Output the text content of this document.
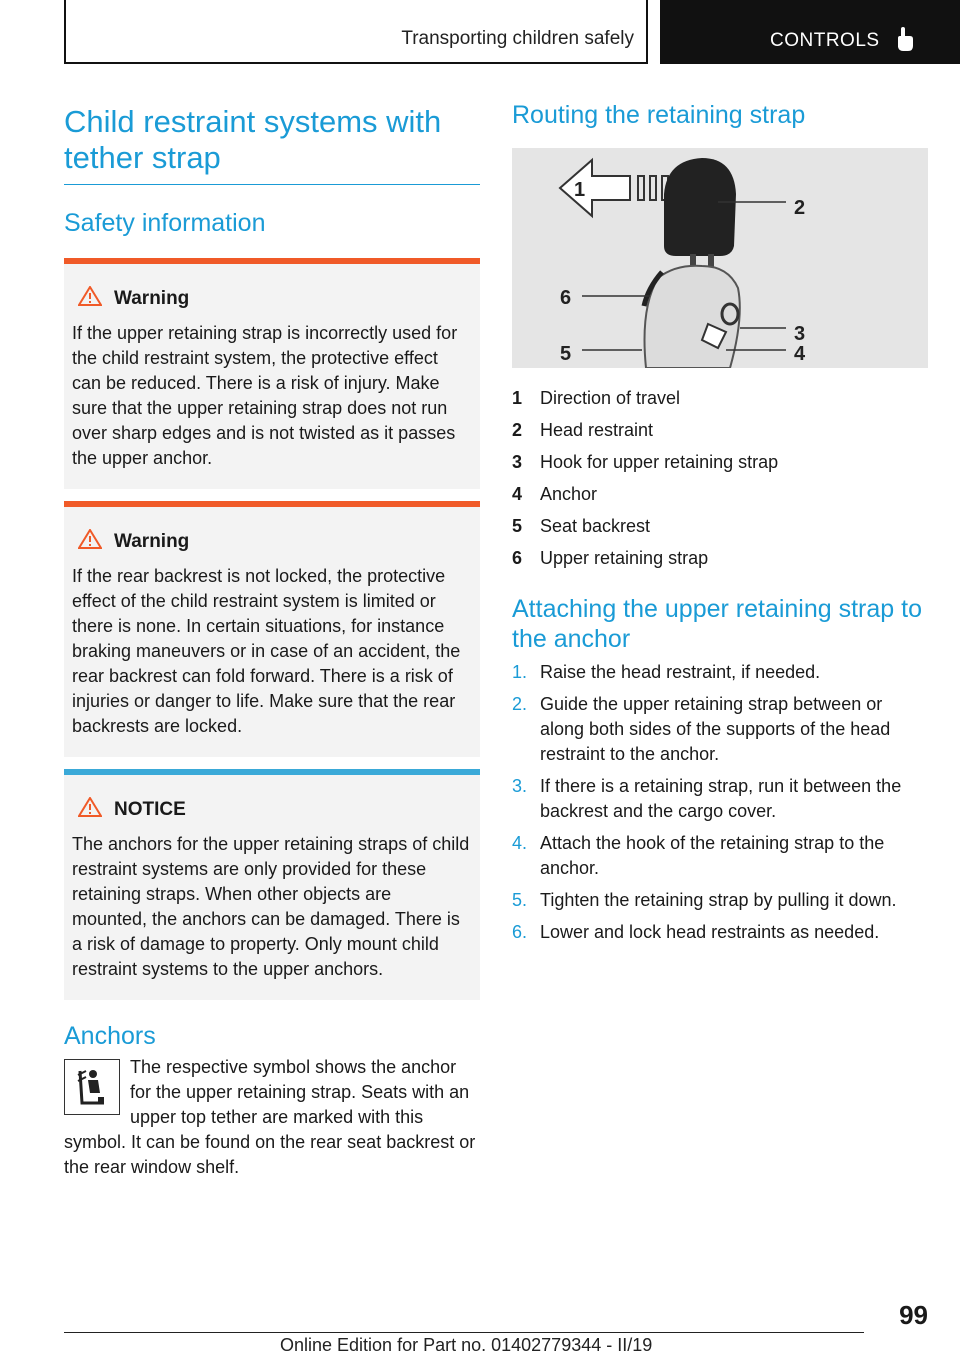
Transporting children safely	CONTROLS
Child restraint systems with tether strap
Safety information
Warning
If the upper retaining strap is incorrectly used for the child restraint system, the protective effect can be reduced. There is a risk of injury. Make sure that the upper retaining strap does not run over sharp edges and is not twisted as it passes the upper anchor.
Warning
If the rear backrest is not locked, the protective effect of the child restraint system is limited or there is none. In certain situations, for instance braking maneuvers or in case of an accident, the rear backrest can fold forward. There is a risk of injuries or danger to life. Make sure that the rear backrests are locked.
NOTICE
The anchors for the upper retaining straps of child restraint systems are only provided for these retaining straps. When other objects are mounted, the anchors can be damaged. There is a risk of damage to property. Only mount child restraint systems to the upper anchors.
Anchors
The respective symbol shows the anchor for the upper retaining strap. Seats with an upper top tether are marked with this
symbol. It can be found on the rear seat backrest or the rear window shelf.
Routing the retaining strap
1
2
3
4
5
6
1 Direction of travel
2 Head restraint
3 Hook for upper retaining strap
4 Anchor
5 Seat backrest
6 Upper retaining strap
Attaching the upper retaining strap to the anchor
1. Raise the head restraint, if needed.
2. Guide the upper retaining strap between or along both sides of the supports of the head restraint to the anchor.
3. If there is a retaining strap, run it between the backrest and the cargo cover.
4. Attach the hook of the retaining strap to the anchor.
5. Tighten the retaining strap by pulling it down.
6. Lower and lock head restraints as needed.
99
Online Edition for Part no. 01402779344 - II/19
